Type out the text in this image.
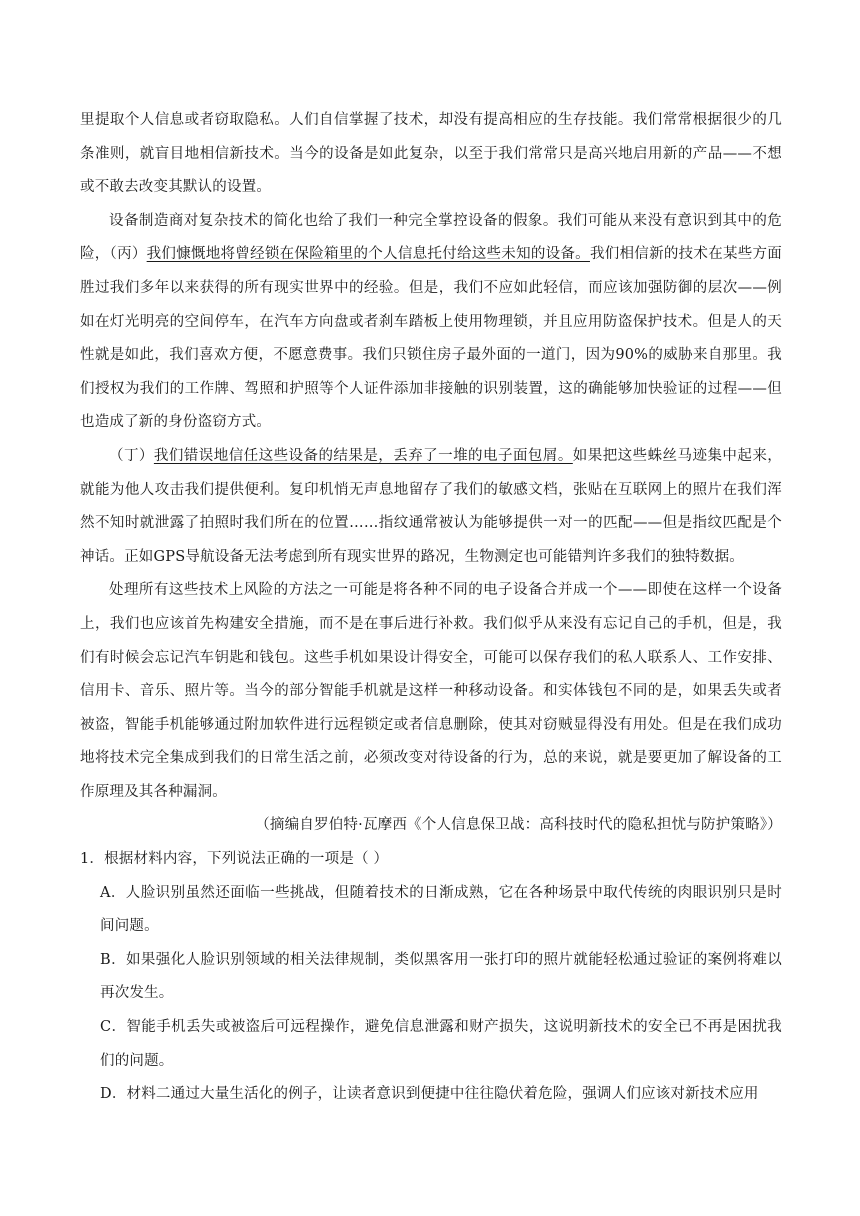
里提取个人信息或者窃取隐私。人们自信掌握了技术，却没有提高相应的生存技能。我们常常根据很少的几条准则，就盲目地相信新技术。当今的设备是如此复杂，以至于我们常常只是高兴地启用新的产品——不想或不敢去改变其默认的设置。

设备制造商对复杂技术的简化也给了我们一种完全掌控设备的假象。我们可能从来没有意识到其中的危险，（丙）我们慷慨地将曾经锁在保险箱里的个人信息托付给这些未知的设备。我们相信新的技术在某些方面胜过我们多年以来获得的所有现实世界中的经验。但是，我们不应如此轻信，而应该加强防御的层次——例如在灯光明亮的空间停车，在汽车方向盘或者刹车踏板上使用物理锁，并且应用防盗保护技术。但是人的天性就是如此，我们喜欢方便，不愿意费事。我们只锁住房子最外面的一道门，因为90%的威胁来自那里。我们授权为我们的工作牌、驾照和护照等个人证件添加非接触的识别装置，这的确能够加快验证的过程——但也造成了新的身份盗窃方式。

（丁）我们错误地信任这些设备的结果是，丢弃了一堆的电子面包屑。如果把这些蛛丝马迹集中起来，就能为他人攻击我们提供便利。复印机悄无声息地留存了我们的敏感文档，张贴在互联网上的照片在我们浑然不知时就泄露了拍照时我们所在的位置……指纹通常被认为能够提供一对一的匹配——但是指纹匹配是个神话。正如GPS导航设备无法考虑到所有现实世界的路况，生物测定也可能错判许多我们的独特数据。

处理所有这些技术上风险的方法之一可能是将各种不同的电子设备合并成一个——即使在这样一个设备上，我们也应该首先构建安全措施，而不是在事后进行补救。我们似乎从来没有忘记自己的手机，但是，我们有时候会忘记汽车钥匙和钱包。这些手机如果设计得安全，可能可以保存我们的私人联系人、工作安排、信用卡、音乐、照片等。当今的部分智能手机就是这样一种移动设备。和实体钱包不同的是，如果丢失或者被盗，智能手机能够通过附加软件进行远程锁定或者信息删除，使其对窃贼显得没有用处。但是在我们成功地将技术完全集成到我们的日常生活之前，必须改变对待设备的行为，总的来说，就是要更加了解设备的工作原理及其各种漏洞。

（摘编自罗伯特·瓦摩西《个人信息保卫战：高科技时代的隐私担忧与防护策略》）

1．根据材料内容，下列说法正确的一项是（ ）

A．人脸识别虽然还面临一些挑战，但随着技术的日渐成熟，它在各种场景中取代传统的肉眼识别只是时间问题。

B．如果强化人脸识别领域的相关法律规制，类似黑客用一张打印的照片就能轻松通过验证的案例将难以再次发生。

C．智能手机丢失或被盗后可远程操作，避免信息泄露和财产损失，这说明新技术的安全已不再是困扰我们的问题。

D．材料二通过大量生活化的例子，让读者意识到便捷中往往隐伏着危险，强调人们应该对新技术应用
